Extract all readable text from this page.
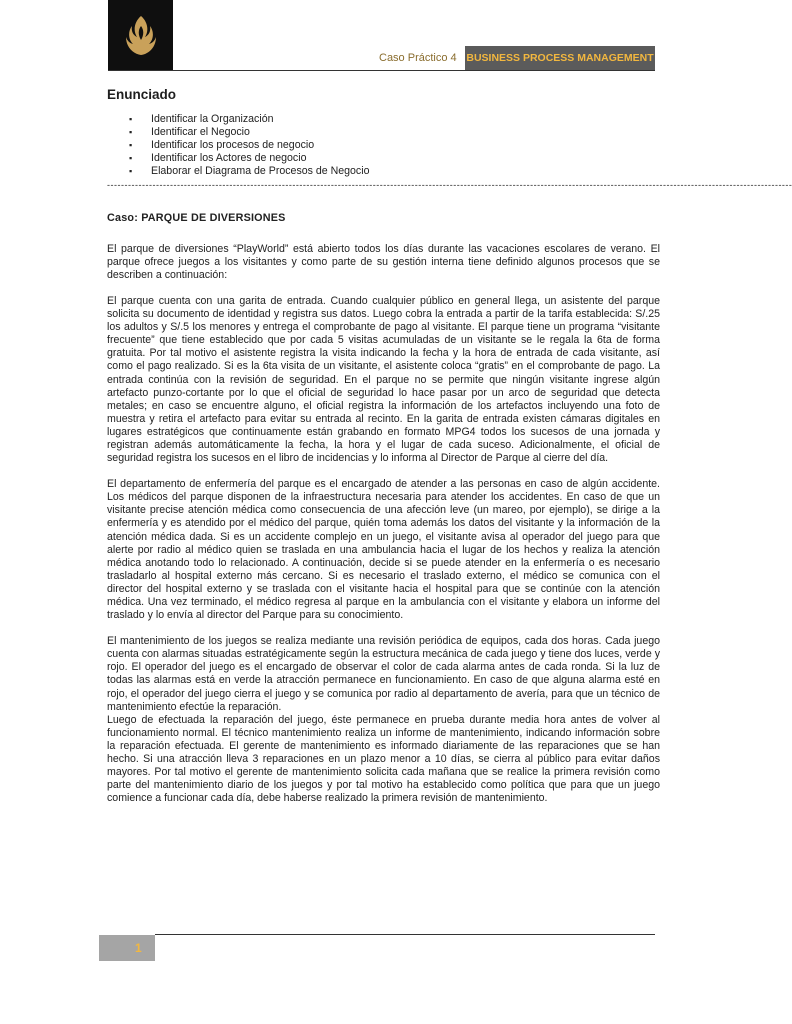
Caso Práctico 4 BUSINESS PROCESS MANAGEMENT
Enunciado
▪ Identificar la Organización
▪ Identificar el Negocio
▪ Identificar los procesos de negocio
▪ Identificar los Actores de negocio
▪ Elaborar el Diagrama de Procesos de Negocio
----------------------------------------------------------------------------------------------------------------------------------------------------------------------------------------------------
Caso: PARQUE DE DIVERSIONES

El parque de diversiones “PlayWorld” está abierto todos los días durante las vacaciones escolares de verano. El parque ofrece juegos a los visitantes y como parte de su gestión interna tiene definido algunos procesos que se describen a continuación:

El parque cuenta con una garita de entrada. Cuando cualquier público en general llega, un asistente del parque solicita su documento de identidad y registra sus datos. Luego cobra la entrada a partir de la tarifa establecida: S/.25 los adultos y S/.5 los menores y entrega el comprobante de pago al visitante. El parque tiene un programa “visitante frecuente” que tiene establecido que por cada 5 visitas acumuladas de un visitante se le regala la 6ta de forma gratuita. Por tal motivo el asistente registra la visita indicando la fecha y la hora de entrada de cada visitante, así como el pago realizado. Si es la 6ta visita de un visitante, el asistente coloca “gratis” en el comprobante de pago. La entrada continúa con la revisión de seguridad. En el parque no se permite que ningún visitante ingrese algún artefacto punzo-cortante por lo que el oficial de seguridad lo hace pasar por un arco de seguridad que detecta metales; en caso se encuentre alguno, el oficial registra la información de los artefactos incluyendo una foto de muestra y retira el artefacto para evitar su entrada al recinto. En la garita de entrada existen cámaras digitales en lugares estratégicos que continuamente están grabando en formato MPG4 todos los sucesos de una jornada y registran además automáticamente la fecha, la hora y el lugar de cada suceso. Adicionalmente, el oficial de seguridad registra los sucesos en el libro de incidencias y lo informa al Director de Parque al cierre del día.

El departamento de enfermería del parque es el encargado de atender a las personas en caso de algún accidente. Los médicos del parque disponen de la infraestructura necesaria para atender los accidentes. En caso de que un visitante precise atención médica como consecuencia de una afección leve (un mareo, por ejemplo), se dirige a la enfermería y es atendido por el médico del parque, quién toma además los datos del visitante y la información de la atención médica dada. Si es un accidente complejo en un juego, el visitante avisa al operador del juego para que alerte por radio al médico quien se traslada en una ambulancia hacia el lugar de los hechos y realiza la atención médica anotando todo lo relacionado. A continuación, decide si se puede atender en la enfermería o es necesario trasladarlo al hospital externo más cercano. Si es necesario el traslado externo, el médico se comunica con el director del hospital externo y se traslada con el visitante hacia el hospital para que se continúe con la atención médica. Una vez terminado, el médico regresa al parque en la ambulancia con el visitante y elabora un informe del traslado y lo envía al director del Parque para su conocimiento.

El mantenimiento de los juegos se realiza mediante una revisión periódica de equipos, cada dos horas. Cada juego cuenta con alarmas situadas estratégicamente según la estructura mecánica de cada juego y tiene dos luces, verde y rojo. El operador del juego es el encargado de observar el color de cada alarma antes de cada ronda. Si la luz de todas las alarmas está en verde la atracción permanece en funcionamiento. En caso de que alguna alarma esté en rojo, el operador del juego cierra el juego y se comunica por radio al departamento de avería, para que un técnico de mantenimiento efectúe la reparación.

Luego de efectuada la reparación del juego, éste permanece en prueba durante media hora antes de volver al funcionamiento normal. El técnico mantenimiento realiza un informe de mantenimiento, indicando información sobre la reparación efectuada. El gerente de mantenimiento es informado diariamente de las reparaciones que se han hecho. Si una atracción lleva 3 reparaciones en un plazo menor a 10 días, se cierra al público para evitar daños mayores. Por tal motivo el gerente de mantenimiento solicita cada mañana que se realice la primera revisión como parte del mantenimiento diario de los juegos y por tal motivo ha establecido como política que para que un juego comience a funcionar cada día, debe haberse realizado la primera revisión de mantenimiento.

1
